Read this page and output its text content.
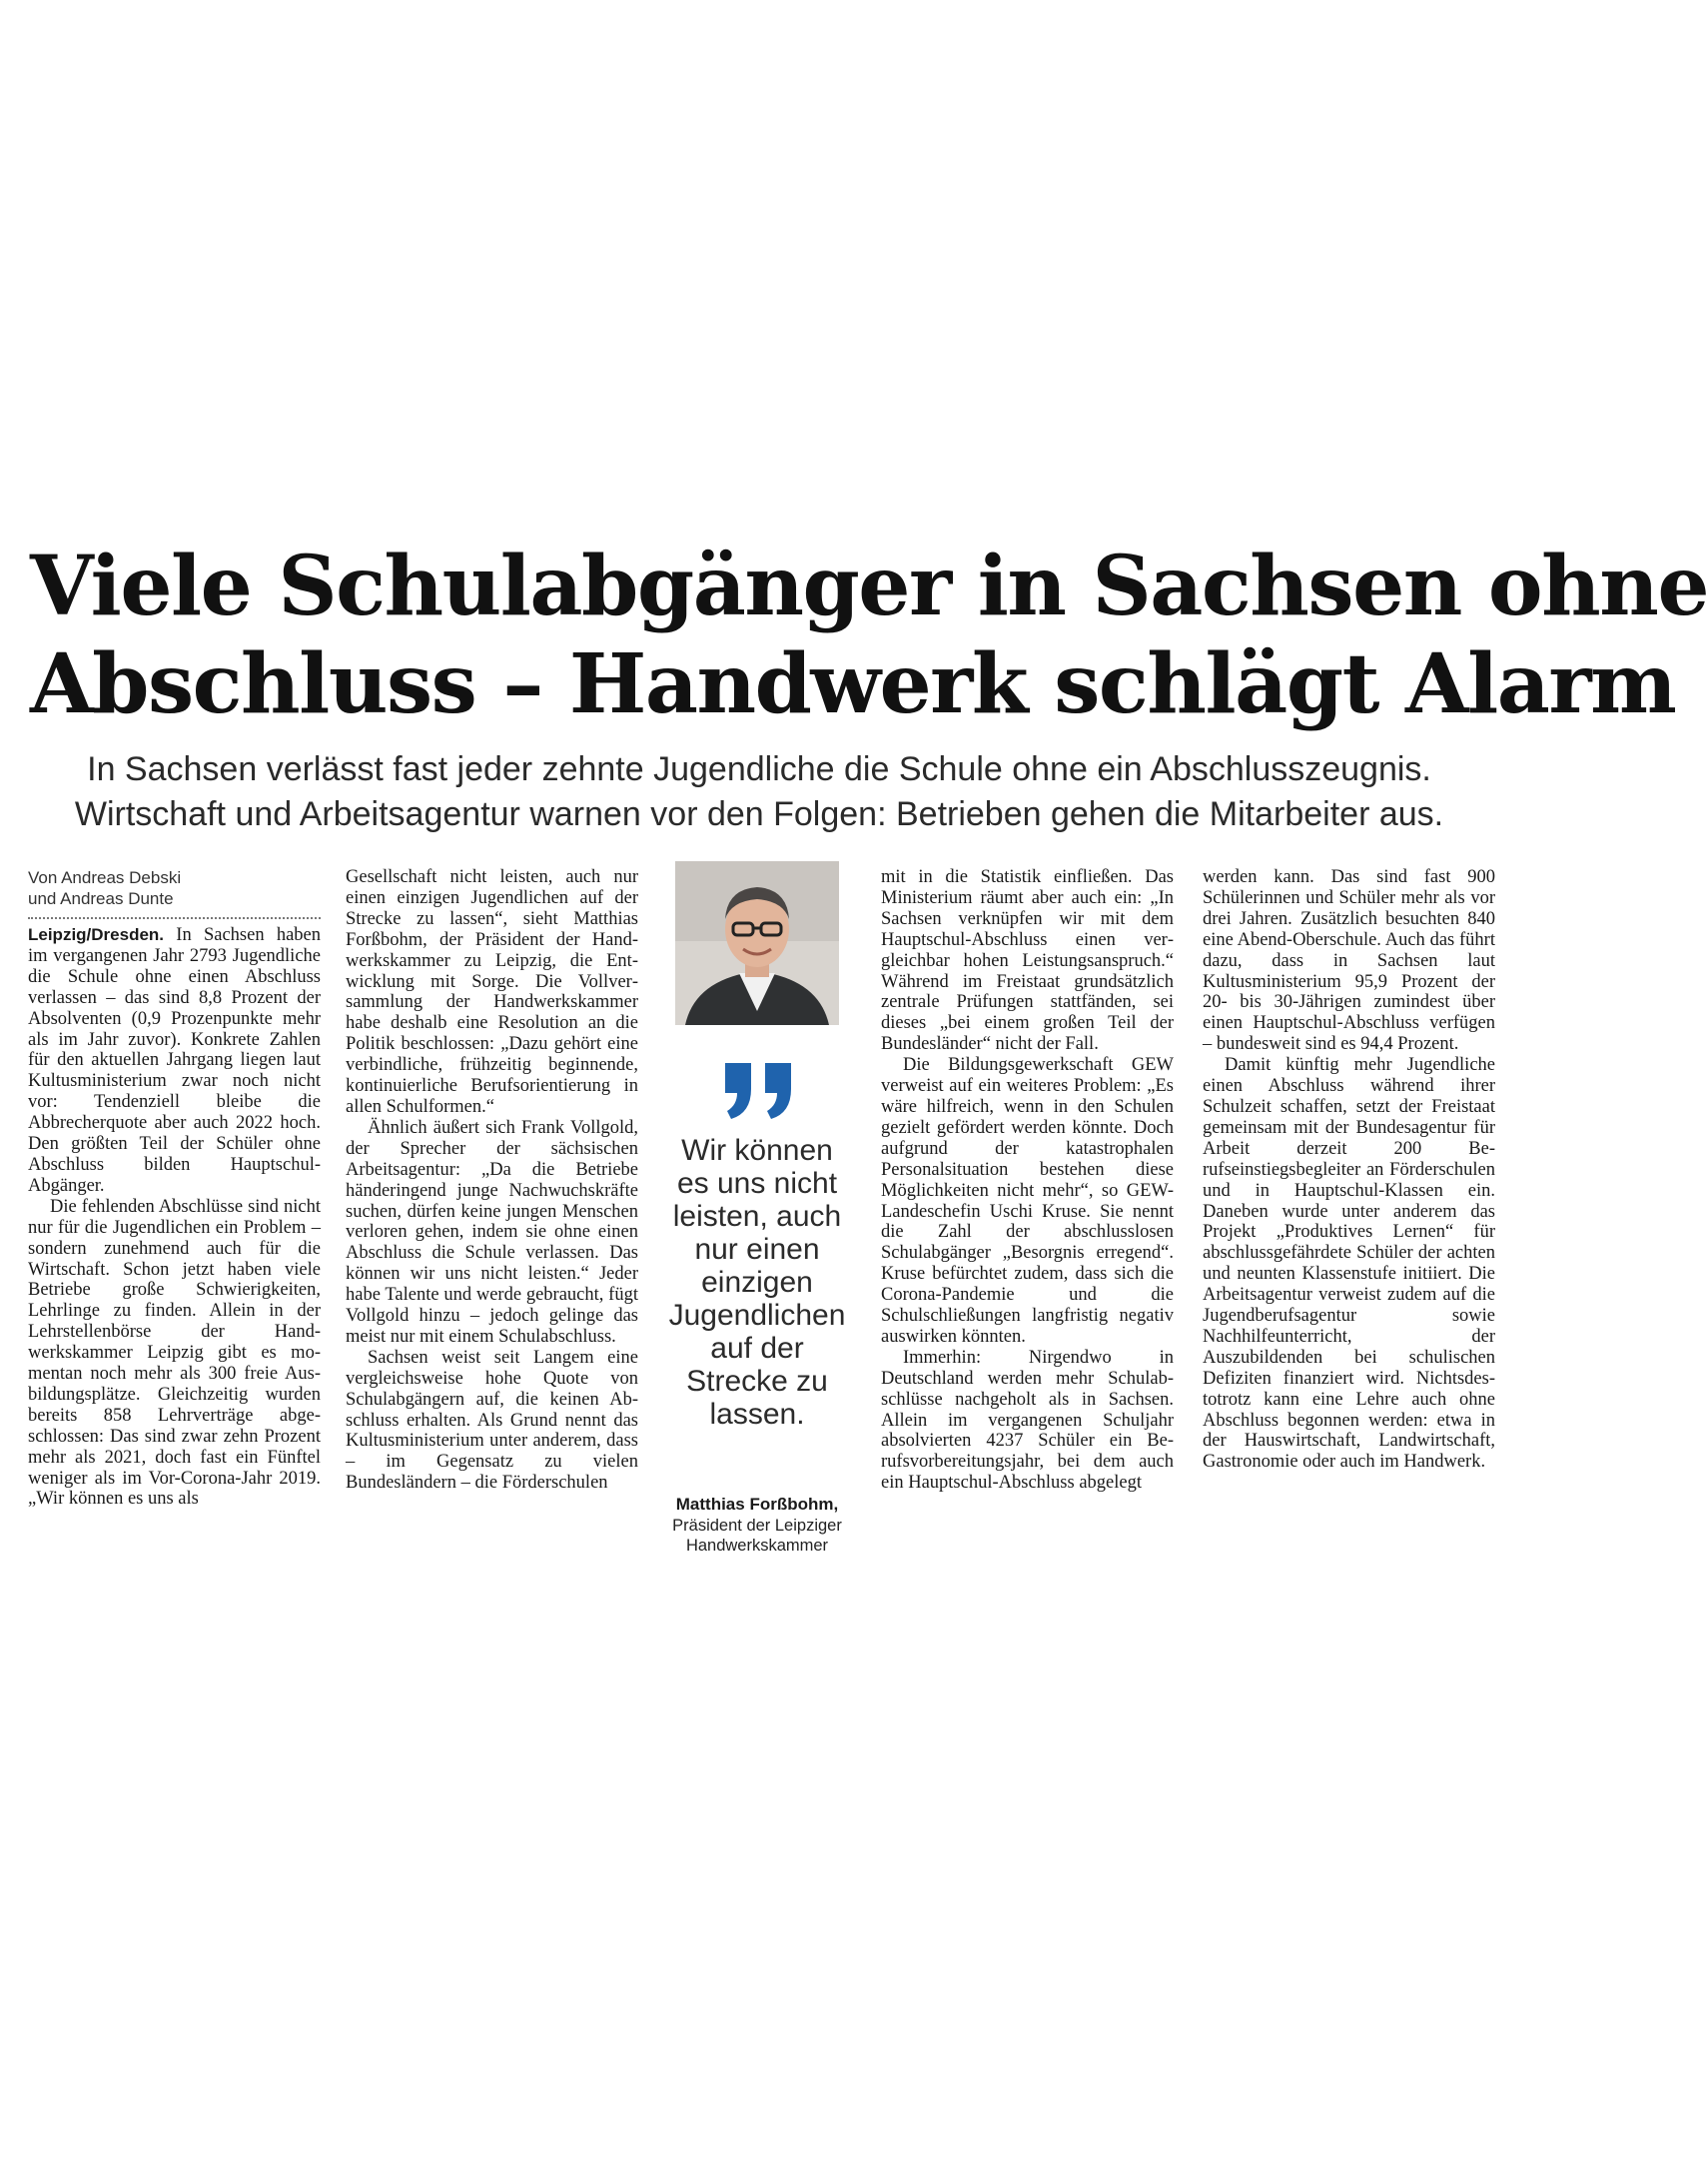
Viele Schulabgänger in Sachsen ohne
Abschluss – Handwerk schlägt Alarm

In Sachsen verlässt fast jeder zehnte Jugendliche die Schule ohne ein Abschlusszeugnis.
Wirtschaft und Arbeitsagentur warnen vor den Folgen: Betrieben gehen die Mitarbeiter aus.

Von Andreas Debski
und Andreas Dunte

Leipzig/Dresden. In Sachsen haben im vergangenen Jahr 2793 Jugendliche die Schule ohne einen Abschluss verlassen – das sind 8,8 Prozent der Absolventen (0,9 Prozenpunkte mehr als im Jahr zuvor). Konkrete Zahlen für den aktuellen Jahrgang liegen laut Kultusministerium zwar noch nicht vor: Tendenziell bleibe die Abbrecherquote aber auch 2022 hoch. Den größten Teil der Schüler ohne Abschluss bilden Hauptschul-Abgänger.

Die fehlenden Abschlüsse sind nicht nur für die Jugendlichen ein Problem – sondern zunehmend auch für die Wirtschaft. Schon jetzt haben viele Betriebe große Schwierigkeiten, Lehrlinge zu finden. Allein in der Lehrstellenbörse der Handwerkskammer Leipzig gibt es momentan noch mehr als 300 freie Ausbildungsplätze. Gleichzeitig wurden bereits 858 Lehrverträge abgeschlossen: Das sind zwar zehn Prozent mehr als 2021, doch fast ein Fünftel weniger als im Vor-Corona-Jahr 2019. „Wir können es uns als

Gesellschaft nicht leisten, auch nur einen einzigen Jugendlichen auf der Strecke zu lassen“, sieht Matthias Forßbohm, der Präsident der Handwerkskammer zu Leipzig, die Entwicklung mit Sorge. Die Vollversammlung der Handwerkskammer habe deshalb eine Resolution an die Politik beschlossen: „Dazu gehört eine verbindliche, frühzeitig beginnende, kontinuierliche Berufsorientierung in allen Schulformen.“

Ähnlich äußert sich Frank Vollgold, der Sprecher der sächsischen Arbeitsagentur: „Da die Betriebe händeringend junge Nachwuchskräfte suchen, dürfen keine jungen Menschen verloren gehen, indem sie ohne einen Abschluss die Schule verlassen. Das können wir uns nicht leisten.“ Jeder habe Talente und werde gebraucht, fügt Vollgold hinzu – jedoch gelinge das meist nur mit einem Schulabschluss.

Sachsen weist seit Langem eine vergleichsweise hohe Quote von Schulabgängern auf, die keinen Abschluss erhalten. Als Grund nennt das Kultusministerium unter anderem, dass – im Gegensatz zu vielen Bundesländern – die Förderschulen

Wir können
es uns nicht
leisten, auch
nur einen
einzigen
Jugendlichen
auf der
Strecke zu
lassen.

Matthias Forßbohm,
Präsident der Leipziger
Handwerkskammer

mit in die Statistik einfließen. Das Ministerium räumt aber auch ein: „In Sachsen verknüpfen wir mit dem Hauptschul-Abschluss einen vergleichbar hohen Leistungsanspruch.“ Während im Freistaat grundsätzlich zentrale Prüfungen stattfänden, sei dieses „bei einem großen Teil der Bundesländer“ nicht der Fall.

Die Bildungsgewerkschaft GEW verweist auf ein weiteres Problem: „Es wäre hilfreich, wenn in den Schulen gezielt gefördert werden könnte. Doch aufgrund der katastrophalen Personalsituation bestehen diese Möglichkeiten nicht mehr“, so GEW-Landeschefin Uschi Kruse. Sie nennt die Zahl der abschlusslosen Schulabgänger „Besorgnis erregend“. Kruse befürchtet zudem, dass sich die Corona-Pandemie und die Schulschließungen langfristig negativ auswirken könnten.

Immerhin: Nirgendwo in Deutschland werden mehr Schulabschlüsse nachgeholt als in Sachsen. Allein im vergangenen Schuljahr absolvierten 4237 Schüler ein Berufsvorbereitungsjahr, bei dem auch ein Hauptschul-Abschluss abgelegt

werden kann. Das sind fast 900 Schülerinnen und Schüler mehr als vor drei Jahren. Zusätzlich besuchten 840 eine Abend-Oberschule. Auch das führt dazu, dass in Sachsen laut Kultusministerium 95,9 Prozent der 20- bis 30-Jährigen zumindest über einen Hauptschul-Abschluss verfügen – bundesweit sind es 94,4 Prozent.

Damit künftig mehr Jugendliche einen Abschluss während ihrer Schulzeit schaffen, setzt der Freistaat gemeinsam mit der Bundesagentur für Arbeit derzeit 200 Berufseinstiegsbegleiter an Förderschulen und in Hauptschul-Klassen ein. Daneben wurde unter anderem das Projekt „Produktives Lernen“ für abschlussgefährdete Schüler der achten und neunten Klassenstufe initiiert. Die Arbeitsagentur verweist zudem auf die Jugendberufsagentur sowie Nachhilfeunterricht, der Auszubildenden bei schulischen Defiziten finanziert wird. Nichtsdestotrotz kann eine Lehre auch ohne Abschluss begonnen werden: etwa in der Hauswirtschaft, Landwirtschaft, Gastronomie oder auch im Handwerk.
